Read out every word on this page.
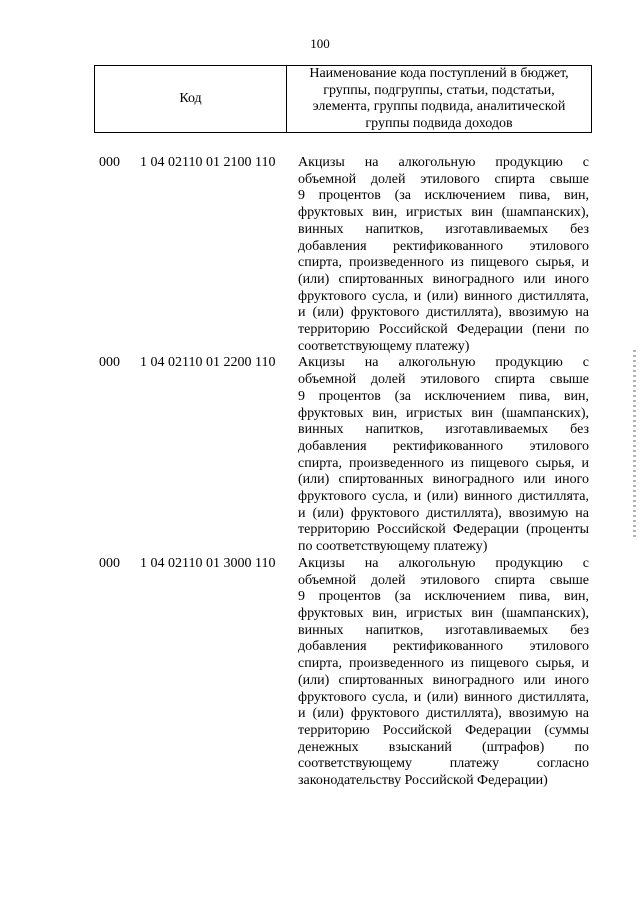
100
Код	
Наименование кода поступлений в бюджет,
группы, подгруппы, статьи, подстатьи,
элемента, группы подвида, аналитической
группы подвида доходов
000 1 04 02110 01 2100 110 Акцизы на алкогольную продукцию с
объемной долей этилового спирта свыше
9 процентов (за исключением пива, вин,
фруктовых вин, игристых вин (шампанских),
винных напитков, изготавливаемых без
добавления ректификованного этилового
спирта, произведенного из пищевого сырья, и
(или) спиртованных виноградного или иного
фруктового сусла, и (или) винного дистиллята,
и (или) фруктового дистиллята), ввозимую на
территорию Российской Федерации (пени по
соответствующему платежу)
000 1 04 02110 01 2200 110 Акцизы на алкогольную продукцию с
объемной долей этилового спирта свыше
9 процентов (за исключением пива, вин,
фруктовых вин, игристых вин (шампанских),
винных напитков, изготавливаемых без
добавления ректификованного этилового
спирта, произведенного из пищевого сырья, и
(или) спиртованных виноградного или иного
фруктового сусла, и (или) винного дистиллята,
и (или) фруктового дистиллята), ввозимую на
территорию Российской Федерации (проценты
по соответствующему платежу)
000 1 04 02110 01 3000 110 Акцизы на алкогольную продукцию с
объемной долей этилового спирта свыше
9 процентов (за исключением пива, вин,
фруктовых вин, игристых вин (шампанских),
винных напитков, изготавливаемых без
добавления ректификованного этилового
спирта, произведенного из пищевого сырья, и
(или) спиртованных виноградного или иного
фруктового сусла, и (или) винного дистиллята,
и (или) фруктового дистиллята), ввозимую на
территорию Российской Федерации (суммы
денежных взысканий (штрафов) по
соответствующему платежу согласно
законодательству Российской Федерации)
